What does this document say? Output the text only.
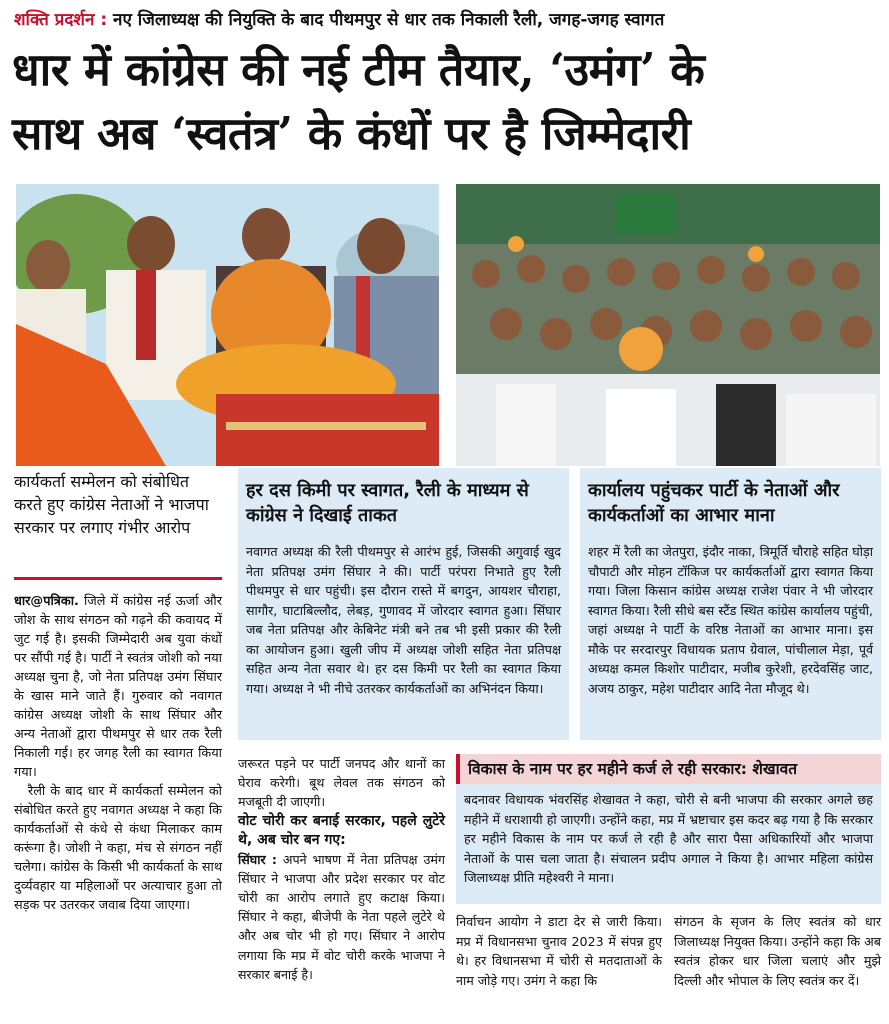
शक्ति प्रदर्शन : नए जिलाध्यक्ष की नियुक्ति के बाद पीथमपुर से धार तक निकाली रैली, जगह-जगह स्वागत
धार में कांग्रेस की नई टीम तैयार, ‘उमंग’ के
साथ अब ‘स्वतंत्र’ के कंधों पर है जिम्मेदारी
कार्यकर्ता सम्मेलन को संबोधित करते हुए कांग्रेस नेताओं ने भाजपा सरकार पर लगाए गंभीर आरोप

धार@पत्रिका. जिले में कांग्रेस नई ऊर्जा और जोश के साथ संगठन को गढ़ने की कवायद में जुट गई है। इसकी जिम्मेदारी अब युवा कंधों पर सौंपी गई है। पार्टी ने स्वतंत्र जोशी को नया अध्यक्ष चुना है, जो नेता प्रतिपक्ष उमंग सिंघार के खास माने जाते हैं। गुरुवार को नवागत कांग्रेस अध्यक्ष जोशी के साथ सिंघार और अन्य नेताओं द्वारा पीथमपुर से धार तक रैली निकाली गई। हर जगह रैली का स्वागत किया गया।

रैली के बाद धार में कार्यकर्ता सम्मेलन को संबोधित करते हुए नवागत अध्यक्ष ने कहा कि कार्यकर्ताओं से कंधे से कंधा मिलाकर काम करूंगा है। जोशी ने कहा, मंच से संगठन नहीं चलेगा। कांग्रेस के किसी भी कार्यकर्ता के साथ दुर्व्यवहार या महिलाओं पर अत्याचार हुआ तो सड़क पर उतरकर जवाब दिया जाएगा।

हर दस किमी पर स्वागत, रैली के माध्यम से कांग्रेस ने दिखाई ताकत
नवागत अध्यक्ष की रैली पीथमपुर से आरंभ हुई, जिसकी अगुवाई खुद नेता प्रतिपक्ष उमंग सिंघार ने की। पार्टी परंपरा निभाते हुए रैली पीथमपुर से धार पहुंची। इस दौरान रास्ते में बगदुन, आयशर चौराहा, सागौर, घाटाबिल्लौद, लेबड़, गुणावद में जोरदार स्वागत हुआ। सिंघार जब नेता प्रतिपक्ष और केबिनेट मंत्री बने तब भी इसी प्रकार की रैली का आयोजन हुआ। खुली जीप में अध्यक्ष जोशी सहित नेता प्रतिपक्ष सहित अन्य नेता सवार थे। हर दस किमी पर रैली का स्वागत किया गया। अध्यक्ष ने भी नीचे उतरकर कार्यकर्ताओं का अभिनंदन किया।
कार्यालय पहुंचकर पार्टी के नेताओं और कार्यकर्ताओं का आभार माना
शहर में रैली का जेतपुरा, इंदौर नाका, त्रिमूर्ति चौराहे सहित घोड़ा चौपाटी और मोहन टॉकिज पर कार्यकर्ताओं द्वारा स्वागत किया गया। जिला किसान कांग्रेस अध्यक्ष राजेश पंवार ने भी जोरदार स्वागत किया। रैली सीधे बस स्टैंड स्थित कांग्रेस कार्यालय पहुंची, जहां अध्यक्ष ने पार्टी के वरिष्ठ नेताओं का आभार माना। इस मौके पर सरदारपुर विधायक प्रताप ग्रेवाल, पांचीलाल मेड़ा, पूर्व अध्यक्ष कमल किशोर पाटीदार, मजीब कुरेशी, हरदेवसिंह जाट, अजय ठाकुर, महेश पाटीदार आदि नेता मौजूद थे।

जरूरत पड़ने पर पार्टी जनपद और थानों का घेराव करेगी। बूथ लेवल तक संगठन को मजबूती दी जाएगी।

वोट चोरी कर बनाई सरकार, पहले लुटेरे थे, अब चोर बन गए:

सिंघार : अपने भाषण में नेता प्रतिपक्ष उमंग सिंघार ने भाजपा और प्रदेश सरकार पर वोट चोरी का आरोप लगाते हुए कटाक्ष किया। सिंघार ने कहा, बीजेपी के नेता पहले लुटेरे थे और अब चोर भी हो गए। सिंघार ने आरोप लगाया कि मप्र में वोट चोरी करके भाजपा ने सरकार बनाई है।

विकास के नाम पर हर महीने कर्ज ले रही सरकार: शेखावत
बदनावर विधायक भंवरसिंह शेखावत ने कहा, चोरी से बनी भाजपा की सरकार अगले छह महीने में धराशायी हो जाएगी। उन्होंने कहा, मप्र में भ्रष्टाचार इस कदर बढ़ गया है कि सरकार हर महीने विकास के नाम पर कर्ज ले रही है और सारा पैसा अधिकारियों और भाजपा नेताओं के पास चला जाता है। संचालन प्रदीप अगाल ने किया है। आभार महिला कांग्रेस जिलाध्यक्ष प्रीति महेश्वरी ने माना।
निर्वाचन आयोग ने डाटा देर से जारी किया। मप्र में विधानसभा चुनाव 2023 में संपन्न हुए थे। हर विधानसभा में चोरी से मतदाताओं के नाम जोड़े गए। उमंग ने कहा कि
संगठन के सृजन के लिए स्वतंत्र को धार जिलाध्यक्ष नियुक्त किया। उन्होंने कहा कि अब स्वतंत्र होकर धार जिला चलाएं और मुझे दिल्ली और भोपाल के लिए स्वतंत्र कर दें।
